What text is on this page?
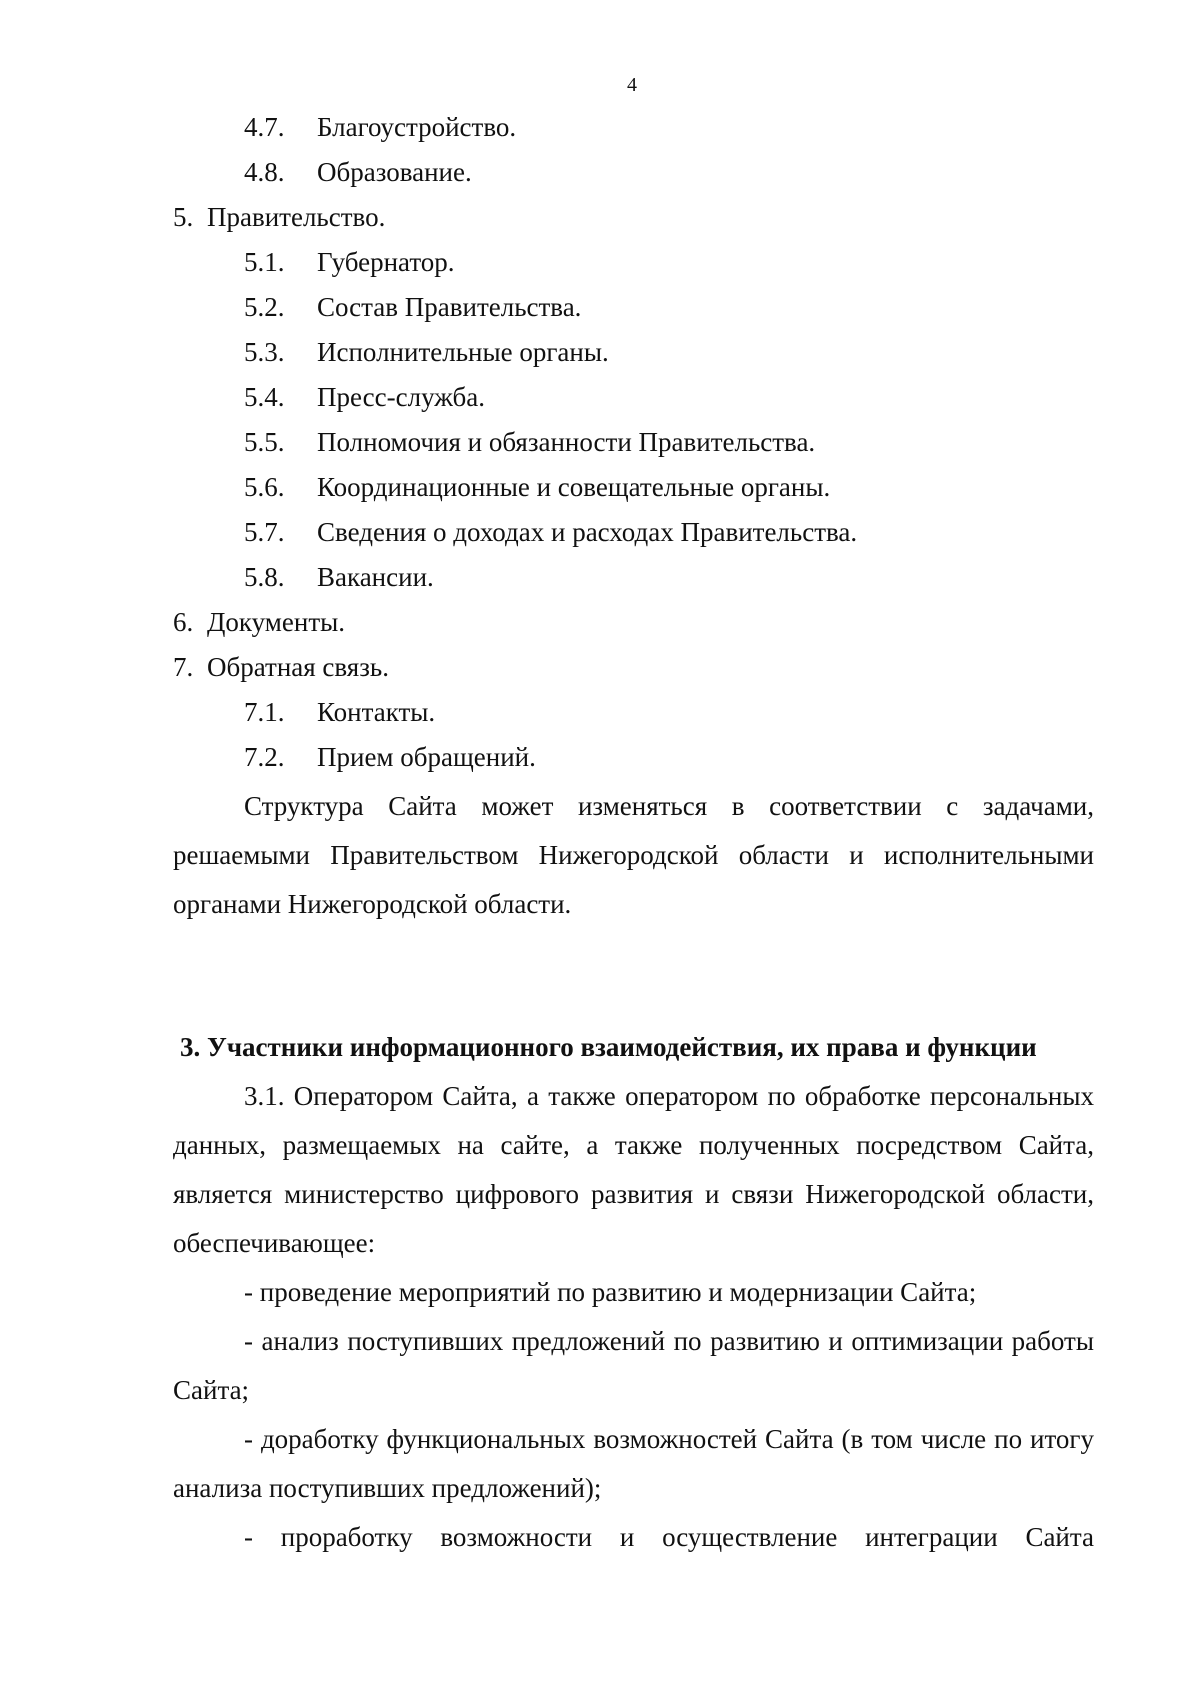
4
4.7. Благоустройство.
4.8. Образование.
5. Правительство.
5.1. Губернатор.
5.2. Состав Правительства.
5.3. Исполнительные органы.
5.4. Пресс-служба.
5.5. Полномочия и обязанности Правительства.
5.6. Координационные и совещательные органы.
5.7. Сведения о доходах и расходах Правительства.
5.8. Вакансии.
6. Документы.
7. Обратная связь.
7.1. Контакты.
7.2. Прием обращений.
Структура Сайта может изменяться в соответствии с задачами, решаемыми Правительством Нижегородской области и исполнительными органами Нижегородской области.
3. Участники информационного взаимодействия, их права и функции
3.1. Оператором Сайта, а также оператором по обработке персональных данных, размещаемых на сайте, а также полученных посредством Сайта, является министерство цифрового развития и связи Нижегородской области, обеспечивающее:
- проведение мероприятий по развитию и модернизации Сайта;
- анализ поступивших предложений по развитию и оптимизации работы Сайта;
- доработку функциональных возможностей Сайта (в том числе по итогу анализа поступивших предложений);
- проработку возможности и осуществление интеграции Сайта
